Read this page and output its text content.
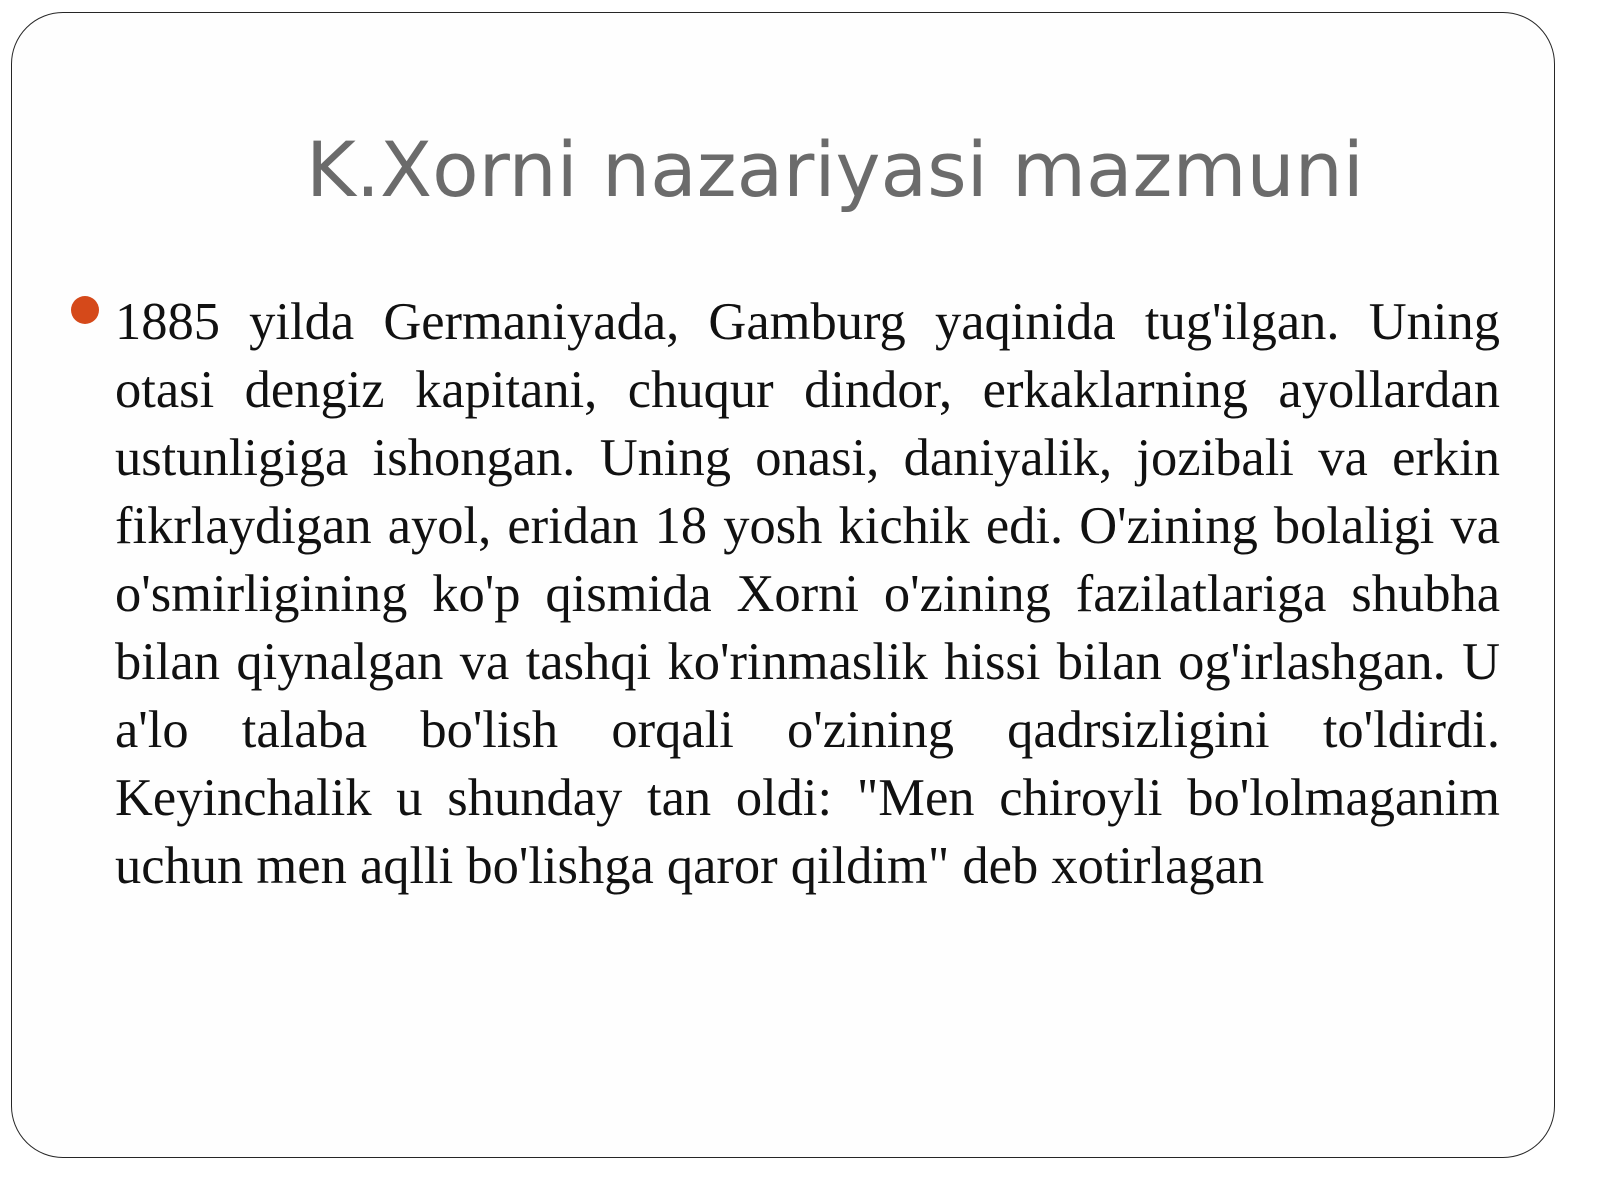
K.Xorni nazariyasi mazmuni

1885 yilda Germaniyada, Gamburg yaqinida tug'ilgan. Uning otasi dengiz kapitani, chuqur dindor, erkaklarning ayollardan ustunligiga ishongan. Uning onasi, daniyalik, jozibali va erkin fikrlaydigan ayol, eridan 18 yosh kichik edi. O'zining bolaligi va o'smirligining ko'p qismida Xorni o'zining fazilatlariga shubha bilan qiynalgan va tashqi ko'rinmaslik hissi bilan og'irlashgan. U a'lo talaba bo'lish orqali o'zining qadrsizligini to'ldirdi. Keyinchalik u shunday tan oldi: "Men chiroyli bo'lolmaganim uchun men aqlli bo'lishga qaror qildim" deb xotirlagan
